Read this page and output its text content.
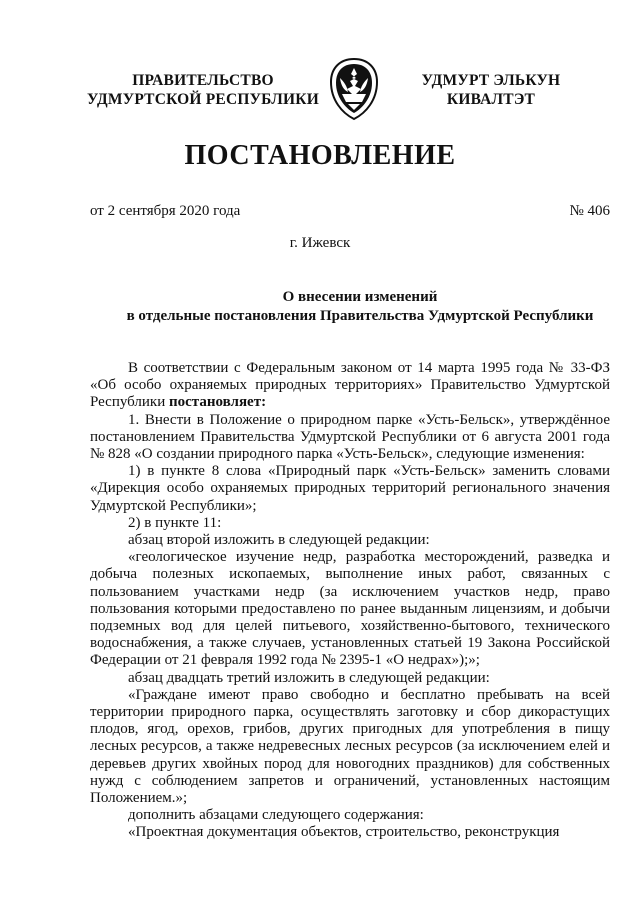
ПРАВИТЕЛЬСТВО
УДМУРТСКОЙ РЕСПУБЛИКИ
УДМУРТ ЭЛЬКУН
КИВАЛТЭТ
ПОСТАНОВЛЕНИЕ
от 2 сентября 2020 года	№ 406
г. Ижевск
О внесении изменений
в отдельные постановления Правительства Удмуртской Республики

В соответствии с Федеральным законом от 14 марта 1995 года № 33-ФЗ «Об особо охраняемых природных территориях» Правительство Удмуртской Республики постановляет:

1. Внести в Положение о природном парке «Усть-Бельск», утверждённое постановлением Правительства Удмуртской Республики от 6 августа 2001 года № 828 «О создании природного парка «Усть-Бельск», следующие изменения:

1) в пункте 8 слова «Природный парк «Усть-Бельск» заменить словами «Дирекция особо охраняемых природных территорий регионального значения Удмуртской Республики»;

2) в пункте 11:

абзац второй изложить в следующей редакции:

«геологическое изучение недр, разработка месторождений, разведка и добыча полезных ископаемых, выполнение иных работ, связанных с пользованием участками недр (за исключением участков недр, право пользования которыми предоставлено по ранее выданным лицензиям, и добычи подземных вод для целей питьевого, хозяйственно-бытового, технического водоснабжения, а также случаев, установленных статьей 19 Закона Российской Федерации от 21 февраля 1992 года № 2395-1 «О недрах»);»;

абзац двадцать третий изложить в следующей редакции:

«Граждане имеют право свободно и бесплатно пребывать на всей территории природного парка, осуществлять заготовку и сбор дикорастущих плодов, ягод, орехов, грибов, других пригодных для употребления в пищу лесных ресурсов, а также недревесных лесных ресурсов (за исключением елей и деревьев других хвойных пород для новогодних праздников) для собственных нужд с соблюдением запретов и ограничений, установленных настоящим Положением.»;

дополнить абзацами следующего содержания:

«Проектная документация объектов, строительство, реконструкция
